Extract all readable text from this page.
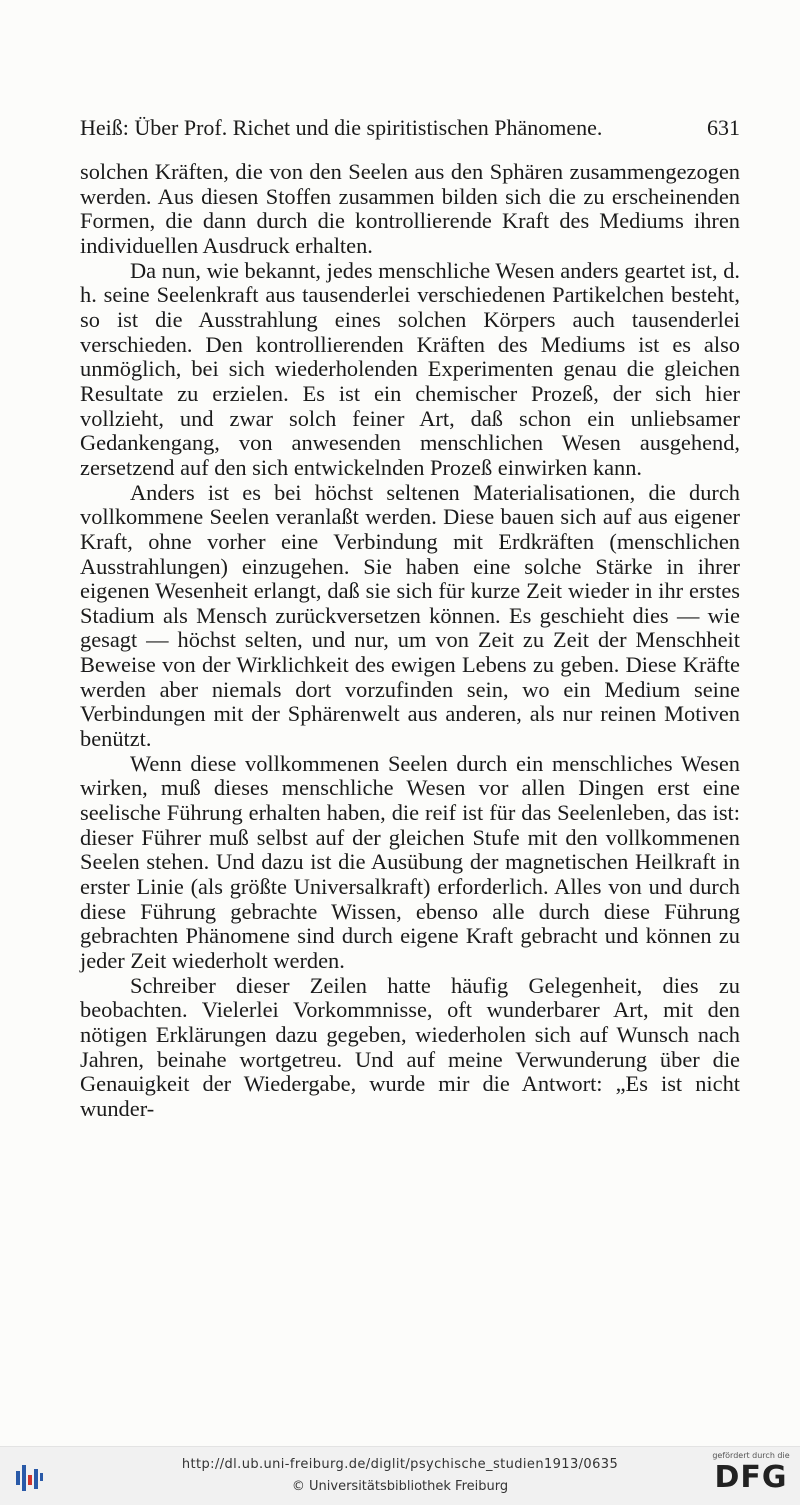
Heiß: Über Prof. Richet und die spiritistischen Phänomene.	631

solchen Kräften, die von den Seelen aus den Sphären zusammengezogen werden. Aus diesen Stoffen zusammen bilden sich die zu erscheinenden Formen, die dann durch die kontrollierende Kraft des Mediums ihren individuellen Ausdruck erhalten.

Da nun, wie bekannt, jedes menschliche Wesen anders geartet ist, d. h. seine Seelenkraft aus tausenderlei verschiedenen Partikelchen besteht, so ist die Ausstrahlung eines solchen Körpers auch tausenderlei verschieden. Den kontrollierenden Kräften des Mediums ist es also unmöglich, bei sich wiederholenden Experimenten genau die gleichen Resultate zu erzielen. Es ist ein chemischer Prozeß, der sich hier vollzieht, und zwar solch feiner Art, daß schon ein unliebsamer Gedankengang, von anwesenden menschlichen Wesen ausgehend, zersetzend auf den sich entwickelnden Prozeß einwirken kann.

Anders ist es bei höchst seltenen Materialisationen, die durch vollkommene Seelen veranlaßt werden. Diese bauen sich auf aus eigener Kraft, ohne vorher eine Verbindung mit Erdkräften (menschlichen Ausstrahlungen) einzugehen. Sie haben eine solche Stärke in ihrer eigenen Wesenheit erlangt, daß sie sich für kurze Zeit wieder in ihr erstes Stadium als Mensch zurückversetzen können. Es geschieht dies — wie gesagt — höchst selten, und nur, um von Zeit zu Zeit der Menschheit Beweise von der Wirklichkeit des ewigen Lebens zu geben. Diese Kräfte werden aber niemals dort vorzufinden sein, wo ein Medium seine Verbindungen mit der Sphärenwelt aus anderen, als nur reinen Motiven benützt.

Wenn diese vollkommenen Seelen durch ein menschliches Wesen wirken, muß dieses menschliche Wesen vor allen Dingen erst eine seelische Führung erhalten haben, die reif ist für das Seelenleben, das ist: dieser Führer muß selbst auf der gleichen Stufe mit den vollkommenen Seelen stehen. Und dazu ist die Ausübung der magnetischen Heilkraft in erster Linie (als größte Universalkraft) erforderlich. Alles von und durch diese Führung gebrachte Wissen, ebenso alle durch diese Führung gebrachten Phänomene sind durch eigene Kraft gebracht und können zu jeder Zeit wiederholt werden.

Schreiber dieser Zeilen hatte häufig Gelegenheit, dies zu beobachten. Vielerlei Vorkommnisse, oft wunderbarer Art, mit den nötigen Erklärungen dazu gegeben, wiederholen sich auf Wunsch nach Jahren, beinahe wortgetreu. Und auf meine Verwunderung über die Genauigkeit der Wiedergabe, wurde mir die Antwort: „Es ist nicht wunder-

http://dl.ub.uni-freiburg.de/diglit/psychische_studien1913/0635
© Universitätsbibliothek Freiburg
gefördert durch die
DFG
